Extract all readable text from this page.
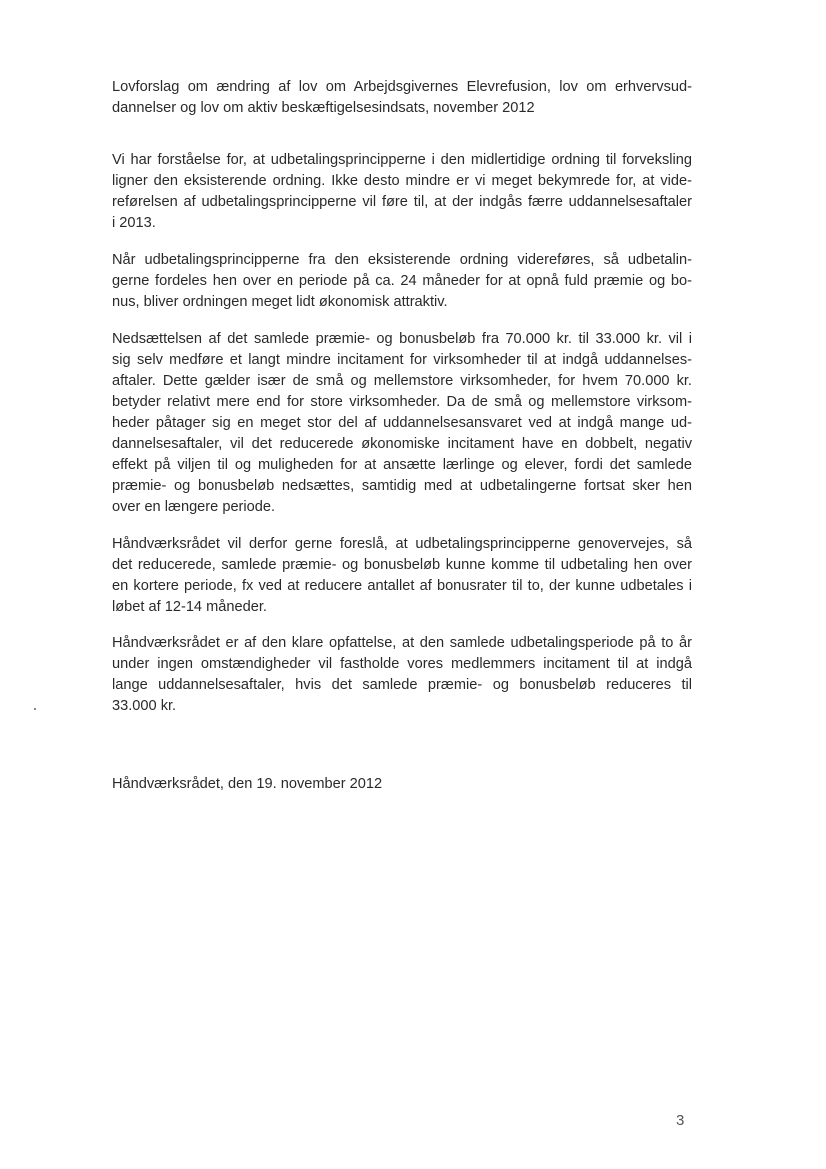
Lovforslag om ændring af lov om Arbejdsgivernes Elevrefusion, lov om erhvervsud-
dannelser og lov om aktiv beskæftigelsesindsats, november 2012
Vi har forståelse for, at udbetalingsprincipperne i den midlertidige ordning til forveksling
ligner den eksisterende ordning. Ikke desto mindre er vi meget bekymrede for, at vide-
reførelsen af udbetalingsprincipperne vil føre til, at der indgås færre uddannelsesaftaler
i 2013.
Når udbetalingsprincipperne fra den eksisterende ordning videreføres, så udbetalin-
gerne fordeles hen over en periode på ca. 24 måneder for at opnå fuld præmie og bo-
nus, bliver ordningen meget lidt økonomisk attraktiv.
Nedsættelsen af det samlede præmie- og bonusbeløb fra 70.000 kr. til 33.000 kr. vil i
sig selv medføre et langt mindre incitament for virksomheder til at indgå uddannelses-
aftaler. Dette gælder især de små og mellemstore virksomheder, for hvem 70.000 kr.
betyder relativt mere end for store virksomheder. Da de små og mellemstore virksom-
heder påtager sig en meget stor del af uddannelsesansvaret ved at indgå mange ud-
dannelsesaftaler, vil det reducerede økonomiske incitament have en dobbelt, negativ
effekt på viljen til og muligheden for at ansætte lærlinge og elever, fordi det samlede
præmie- og bonusbeløb nedsættes, samtidig med at udbetalingerne fortsat sker hen
over en længere periode.
Håndværksrådet vil derfor gerne foreslå, at udbetalingsprincipperne genovervejes, så
det reducerede, samlede præmie- og bonusbeløb kunne komme til udbetaling hen over
en kortere periode, fx ved at reducere antallet af bonusrater til to, der kunne udbetales i
løbet af 12-14 måneder.
Håndværksrådet er af den klare opfattelse, at den samlede udbetalingsperiode på to år
under ingen omstændigheder vil fastholde vores medlemmers incitament til at indgå
lange uddannelsesaftaler, hvis det samlede præmie- og bonusbeløb reduceres til
33.000 kr.
Håndværksrådet, den 19. november 2012
3
